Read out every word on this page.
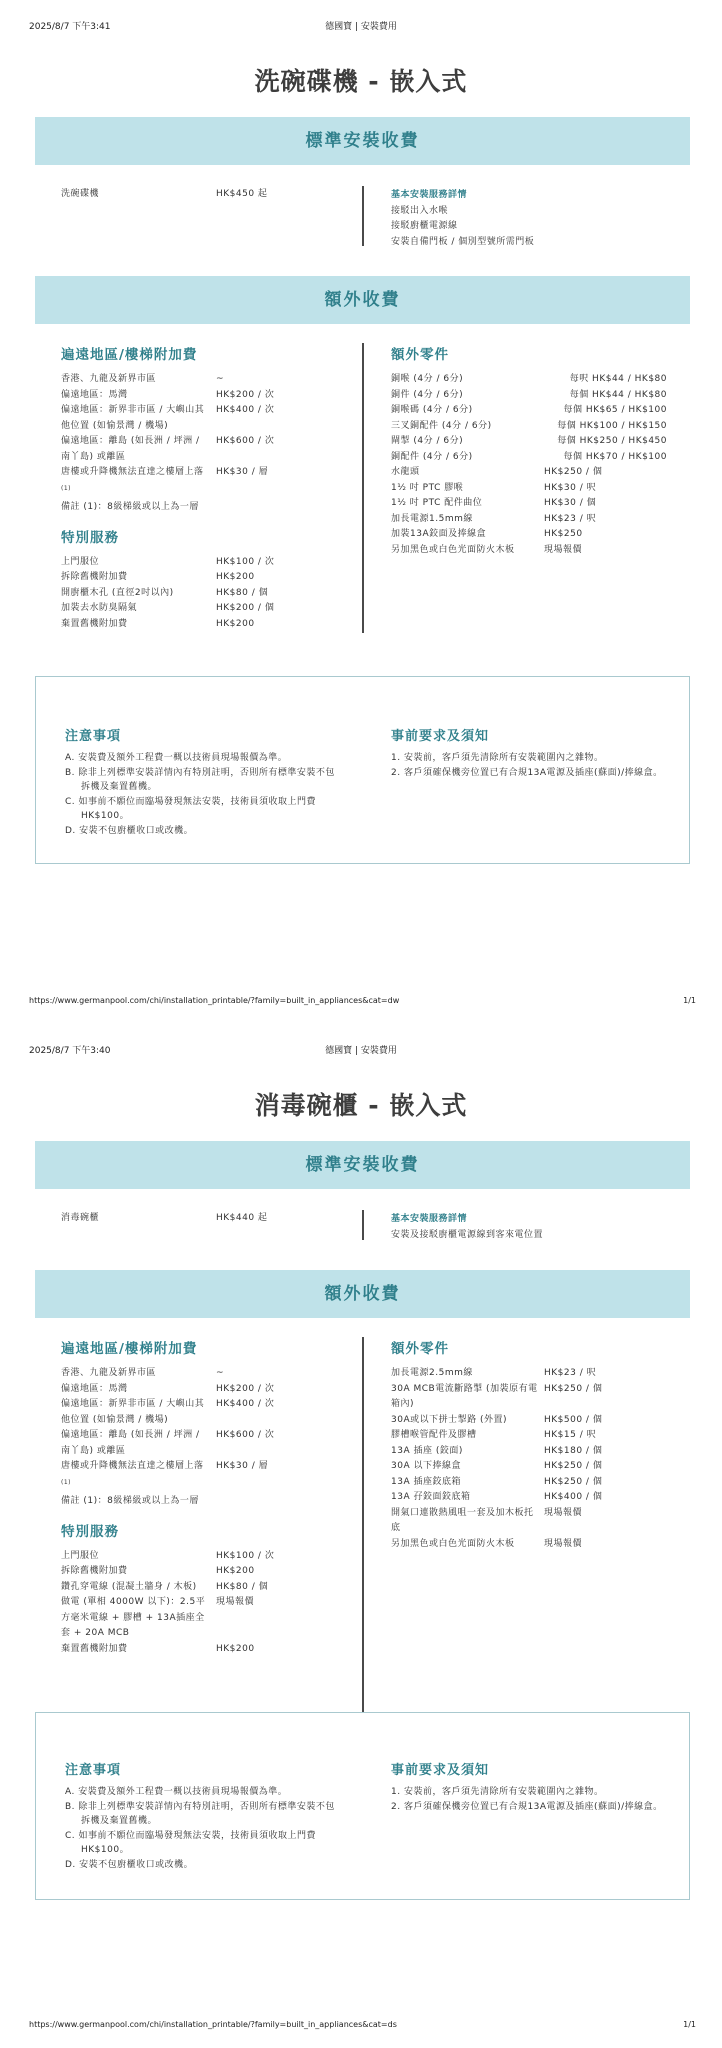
2025/8/7 下午3:41	德國寶 | 安裝費用
洗碗碟機 - 嵌入式
標準安裝收費
洗碗碟機	HK$450 起	基本安裝服務詳情
接駁出入水喉
接駁廚櫃電源線
安裝自備門板 / 個別型號所需門板
額外收費
遍遠地區/樓梯附加費
香港、九龍及新界市區	~
偏遠地區：馬灣	HK$200 / 次
偏遠地區：新界非市區 / 大嶼山其他位置 (如愉景灣 / 機場)
HK$400 / 次
偏遠地區：離島 (如長洲 / 坪洲 / 南丫島) 或離區
HK$600 / 次
唐樓或升降機無法直達之樓層上落 $^{(1)}$
HK$30 / 層
備註 (1)：8級梯級或以上為一層
特別服務
上門服位	HK$100 / 次
拆除舊機附加費	HK$200
開廚櫃木孔 (直徑2吋以內)	HK$80 / 個
加裝去水防臭隔氣	HK$200 / 個
棄置舊機附加費	HK$200
額外零件
銅喉 (4分 / 6分)	每呎 HK$44 / HK$80
銅件 (4分 / 6分)	每個 HK$44 / HK$80
銅喉碼 (4分 / 6分)	每個 HK$65 / HK$100
三叉銅配件 (4分 / 6分)	每個 HK$100 / HK$150
閘掣 (4分 / 6分)	每個 HK$250 / HK$450
銅配件 (4分 / 6分)	每個 HK$70 / HK$100
水龍頭	HK$250 / 個
1½ 吋 PTC 膠喉	HK$30 / 呎
1½ 吋 PTC 配件曲位	HK$30 / 個
加長電源1.5mm線	HK$23 / 呎
加裝13A鉸面及捧線盒	HK$250
另加黑色或白色光面防火木板	現場報價
注意事項
A. 安裝費及額外工程費一概以技術員現場報價為準。
B. 除非上列標準安裝詳情內有特別註明，否則所有標準安裝不包拆機及棄置舊機。
C. 如事前不願位而臨場發現無法安裝，技術員須收取上門費HK$100。
D. 安裝不包廚櫃收口或改機。
事前要求及須知
1. 安裝前，客戶須先清除所有安裝範圍內之雜物。
2. 客戶須確保機旁位置已有合規13A電源及插座(蘇面)/捧線盒。
https://www.germanpool.com/chi/installation_printable/?family=built_in_appliances&cat=dw	1/1
2025/8/7 下午3:40	德國寶 | 安裝費用
消毒碗櫃 - 嵌入式
標準安裝收費
消毒碗櫃	HK$440 起	基本安裝服務詳情
安裝及接駁廚櫃電源線到客來電位置
額外收費
遍遠地區/樓梯附加費
香港、九龍及新界市區	~
偏遠地區：馬灣	HK$200 / 次
偏遠地區：新界非市區 / 大嶼山其他位置 (如愉景灣 / 機場)
HK$400 / 次
偏遠地區：離島 (如長洲 / 坪洲 / 南丫島) 或離區
HK$600 / 次
唐樓或升降機無法直達之樓層上落 $^{(1)}$
HK$30 / 層
備註 (1)：8級梯級或以上為一層
特別服務
上門服位	HK$100 / 次
拆除舊機附加費	HK$200
鑽孔穿電線 (混凝土牆身 / 木板) HK$80 / 個
做電 (單相 4000W 以下)：2.5平方毫米電線 + 膠槽 + 13A插座全套 + 20A MCB
現場報價
棄置舊機附加費	HK$200
額外零件
加長電源2.5mm線	HK$23 / 呎
30A MCB電流斷路掣 (加裝原有電箱內)
HK$250 / 個
30A或以下拼士掣路 (外置)	HK$500 / 個
膠槽喉管配件及膠槽	HK$15 / 呎
13A 插座 (鉸面)	HK$180 / 個
30A 以下捧線盒	HK$250 / 個
13A 插座鉸底箱	HK$250 / 個
13A 孖鉸面鉸底箱	HK$400 / 個
開氣口連散熱風咀一套及加木板托底
現場報價
另加黑色或白色光面防火木板	現場報價
注意事項
A. 安裝費及額外工程費一概以技術員現場報價為準。
B. 除非上列標準安裝詳情內有特別註明，否則所有標準安裝不包拆機及棄置舊機。
C. 如事前不願位而臨場發現無法安裝，技術員須收取上門費HK$100。
D. 安裝不包廚櫃收口或改機。
事前要求及須知
1. 安裝前，客戶須先清除所有安裝範圍內之雜物。
2. 客戶須確保機旁位置已有合規13A電源及插座(蘇面)/捧線盒。
https://www.germanpool.com/chi/installation_printable/?family=built_in_appliances&cat=ds	1/1
